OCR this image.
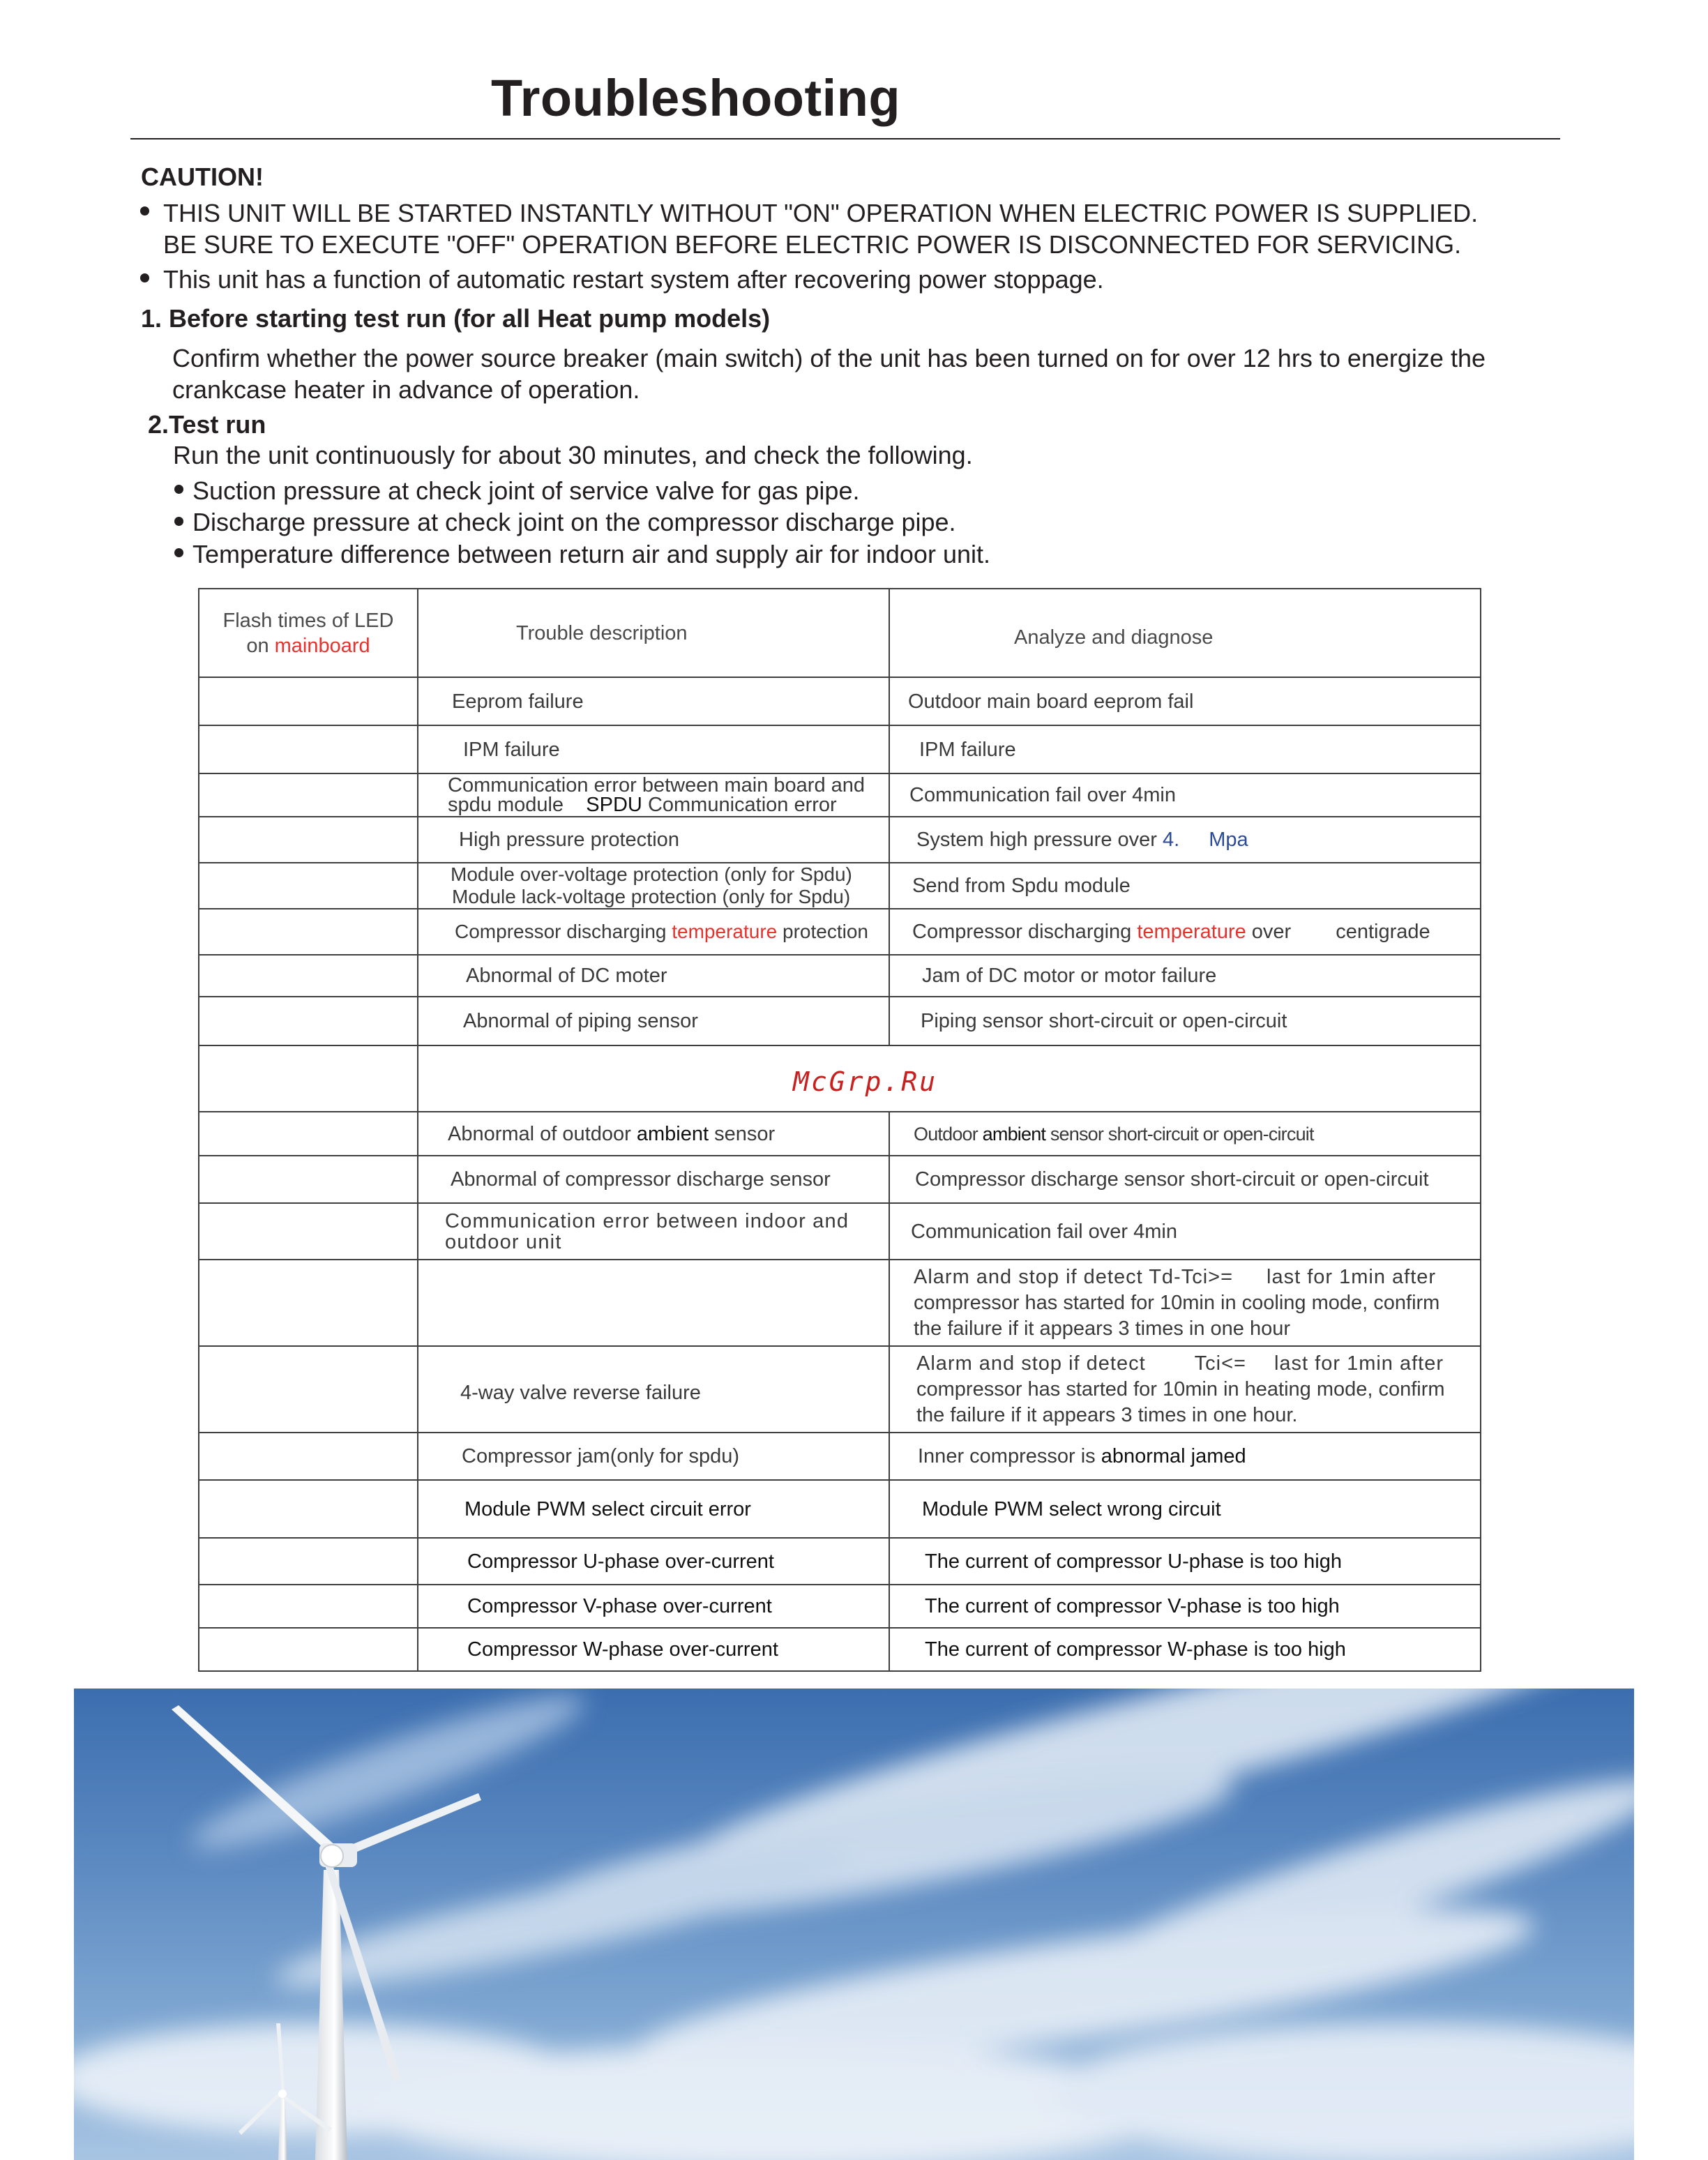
Troubleshooting
CAUTION!
THIS UNIT WILL BE STARTED INSTANTLY WITHOUT "ON" OPERATION WHEN ELECTRIC POWER IS SUPPLIED.
BE SURE TO EXECUTE "OFF" OPERATION BEFORE ELECTRIC POWER IS DISCONNECTED FOR SERVICING.
This unit has a function of automatic restart system after recovering power stoppage.
1. Before starting test run (for all Heat pump models)
Confirm whether the power source breaker (main switch) of the unit has been turned on for over 12 hrs to energize the
crankcase heater in advance of operation.
2.Test run
Run the unit continuously for about 30 minutes, and check the following.
Suction pressure at check joint of service valve for gas pipe.
Discharge pressure at check joint on the compressor discharge pipe.
Temperature difference between return air and supply air for indoor unit.
Flash times of LED
on mainboard	Trouble description	Analyze and diagnose
	Eeprom failure	Outdoor main board eeprom fail
	IPM failure	IPM failure

	Communication error between main board and
spdu module SPDU Communication error	Communication fail over 4min
	High pressure protection	System high pressure over 4. Mpa

	Module over-voltage protection (only for Spdu)
Module lack-voltage protection (only for Spdu)	Send from Spdu module
	Compressor discharging temperature protection	Compressor discharging temperature over centigrade
	Abnormal of DC moter	Jam of DC motor or motor failure
	Abnormal of piping sensor	Piping sensor short-circuit or open-circuit
	McGrp.Ru	
	Abnormal of outdoor ambient sensor	Outdoor ambient sensor short-circuit or open-circuit
	Abnormal of compressor discharge sensor	Compressor discharge sensor short-circuit or open-circuit

	Communication error between indoor and
outdoor unit	Communication fail over 4min

		Alarm and stop if detect Td-Tci>= last for 1min after
compressor has started for 10min in cooling mode, confirm
the failure if it appears 3 times in one hour

	4-way valve reverse failure	Alarm and stop if detect Tci<= last for 1min after
compressor has started for 10min in heating mode, confirm
the failure if it appears 3 times in one hour.

	Compressor jam(only for spdu)	Inner compressor is abnormal jamed
	Module PWM select circuit error	Module PWM select wrong circuit
	Compressor U-phase over-current	The current of compressor U-phase is too high
	Compressor V-phase over-current	The current of compressor V-phase is too high
	Compressor W-phase over-current	The current of compressor W-phase is too high
